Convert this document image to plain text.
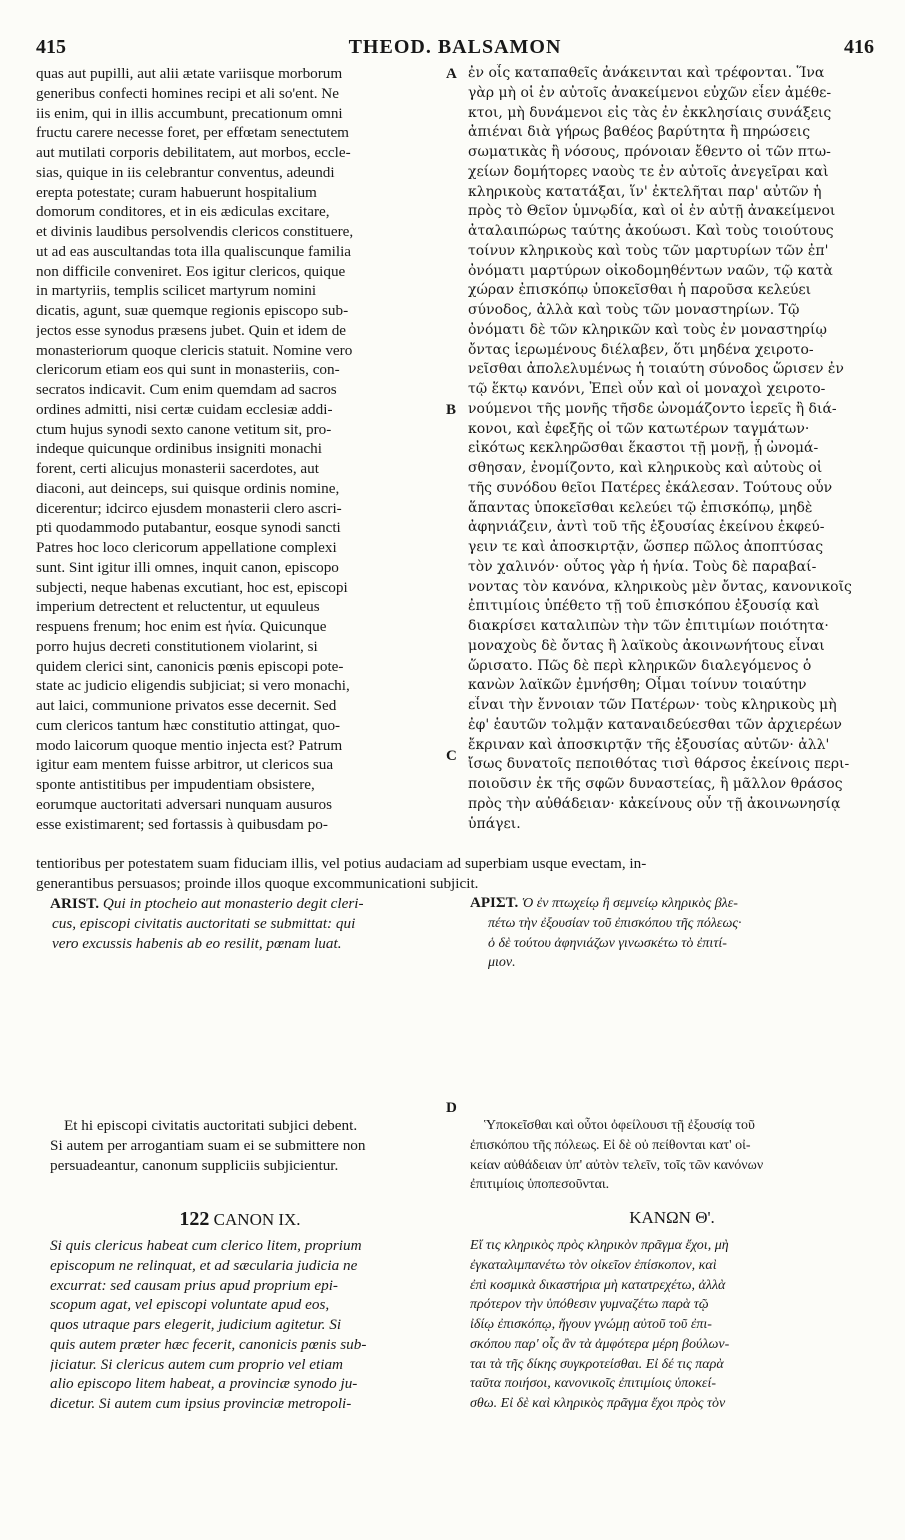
415	THEOD. BALSAMON	416
quas aut pupilli, aut alii ætate variisque morborum
generibus confecti homines recipi et ali so'ent. Ne
iis enim, qui in illis accumbunt, precationum omni
fructu carere necesse foret, per effœtam senectutem
aut mutilati corporis debilitatem, aut morbos, eccle-
sias, quique in iis celebrantur conventus, adeundi
erepta potestate; curam habuerunt hospitalium
domorum conditores, et in eis ædiculas excitare,
et divinis laudibus persolvendis clericos constituere,
ut ad eas auscultandas tota illa qualiscunque familia
non difficile conveniret. Eos igitur clericos, quique
in martyriis, templis scilicet martyrum nomini
dicatis, agunt, suæ quemque regionis episcopo sub-
jectos esse synodus præsens jubet. Quin et idem de
monasteriorum quoque clericis statuit. Nomine vero
clericorum etiam eos qui sunt in monasteriis, con-
secratos indicavit. Cum enim quemdam ad sacros
ordines admitti, nisi certæ cuidam ecclesiæ addi-
ctum hujus synodi sexto canone vetitum sit, pro-
indeque quicunque ordinibus insigniti monachi
forent, certi alicujus monasterii sacerdotes, aut
diaconi, aut deinceps, sui quisque ordinis nomine,
dicerentur; idcirco ejusdem monasterii clero ascri-
pti quodammodo putabantur, eosque synodi sancti
Patres hoc loco clericorum appellatione complexi
sunt. Sint igitur illi omnes, inquit canon, episcopo
subjecti, neque habenas excutiant, hoc est, episcopi
imperium detrectent et reluctentur, ut equuleus
respuens frenum; hoc enim est ἡνία. Quicunque
porro hujus decreti constitutionem violarint, si
quidem clerici sint, canonicis pœnis episcopi pote-
state ac judicio eligendis subjiciat; si vero monachi,
aut laici, communione privatos esse decernit. Sed
cum clericos tantum hæc constitutio attingat, quo-
modo laicorum quoque mentio injecta est? Patrum
igitur eam mentem fuisse arbitror, ut clericos sua
sponte antistitibus per impudentiam obsistere,
eorumque auctoritati adversari nunquam ausuros
esse existimarent; sed fortassis à quibusdam po-
ἐν οἷς καταπαθεῖς ἀνάκεινται καὶ τρέφονται. Ἵνα
γὰρ μὴ οἱ ἐν αὐτοῖς ἀνακείμενοι εὐχῶν εἶεν ἀμέθε-
κτοι, μὴ δυνάμενοι εἰς τὰς ἐν ἐκκλησίαις συνάξεις
ἀπιέναι διὰ γήρως βαθέος βαρύτητα ἢ πηρώσεις
σωματικὰς ἢ νόσους, πρόνοιαν ἔθεντο οἱ τῶν πτω-
χείων δομήτορες ναοὺς τε ἐν αὐτοῖς ἀνεγεῖραι καὶ
κληρικοὺς κατατάξαι, ἵν' ἐκτελῆται παρ' αὐτῶν ἡ
πρὸς τὸ Θεῖον ὑμνῳδία, καὶ οἱ ἐν αὐτῇ ἀνακείμενοι
ἀταλαιπώρως ταύτης ἀκούωσι. Καὶ τοὺς τοιούτους
τοίνυν κληρικοὺς καὶ τοὺς τῶν μαρτυρίων τῶν ἐπ'
ὀνόματι μαρτύρων οἰκοδομηθέντων ναῶν, τῷ κατὰ
χώραν ἐπισκόπῳ ὑποκεῖσθαι ἡ παροῦσα κελεύει
σύνοδος, ἀλλὰ καὶ τοὺς τῶν μοναστηρίων. Τῷ
ὀνόματι δὲ τῶν κληρικῶν καὶ τοὺς ἐν μοναστηρίῳ
ὄντας ἱερωμένους διέλαβεν, ὅτι μηδένα χειροτο-
νεῖσθαι ἀπολελυμένως ἡ τοιαύτη σύνοδος ὥρισεν ἐν
τῷ ἕκτῳ κανόνι, Ἐπεὶ οὖν καὶ οἱ μοναχοὶ χειροτο-
νούμενοι τῆς μονῆς τῆσδε ὠνομάζοντο ἱερεῖς ἢ διά-
κονοι, καὶ ἐφεξῆς οἱ τῶν κατωτέρων ταγμάτων·
εἰκότως κεκληρῶσθαι ἕκαστοι τῇ μονῇ, ᾗ ὠνομά-
σθησαν, ἐνομίζοντο, καὶ κληρικοὺς καὶ αὐτοὺς οἱ
τῆς συνόδου θεῖοι Πατέρες ἐκάλεσαν. Τούτους οὖν
ἅπαντας ὑποκεῖσθαι κελεύει τῷ ἐπισκόπῳ, μηδὲ
ἀφηνιάζειν, ἀντὶ τοῦ τῆς ἐξουσίας ἐκείνου ἐκφεύ-
γειν τε καὶ ἀποσκιρτᾷν, ὥσπερ πῶλος ἀποπτύσας
τὸν χαλινόν· οὗτος γὰρ ἡ ἡνία. Τοὺς δὲ παραβαί-
νοντας τὸν κανόνα, κληρικοὺς μὲν ὄντας, κανονικοῖς
ἐπιτιμίοις ὑπέθετο τῇ τοῦ ἐπισκόπου ἐξουσίᾳ καὶ
διακρίσει καταλιπὼν τὴν τῶν ἐπιτιμίων ποιότητα·
μοναχοὺς δὲ ὄντας ἢ λαϊκοὺς ἀκοινωνήτους εἶναι
ὥρισατο. Πῶς δὲ περὶ κληρικῶν διαλεγόμενος ὁ
κανὼν λαϊκῶν ἐμνήσθη; Οἶμαι τοίνυν τοιαύτην
εἶναι τὴν ἔννοιαν τῶν Πατέρων· τοὺς κληρικοὺς μὴ
ἐφ' ἑαυτῶν τολμᾷν καταναιδεύεσθαι τῶν ἀρχιερέων
ἔκριναν καὶ ἀποσκιρτᾷν τῆς ἐξουσίας αὐτῶν· ἀλλ'
ἴσως δυνατοῖς πεποιθότας τισὶ θάρσος ἐκείνοις περι-
ποιοῦσιν ἐκ τῆς σφῶν δυναστείας, ἢ μᾶλλον θράσος
πρὸς τὴν αὐθάδειαν· κἀκείνους οὖν τῇ ἀκοινωνησίᾳ
ὑπάγει.
A
B
C
D
tentioribus per potestatem suam fiduciam illis, vel potius audaciam ad superbiam usque evectam, in-
generantibus persuasos; proinde illos quoque excommunicationi subjicit.
ARIST. Qui in ptocheio aut monasterio degit cleri-
cus, episcopi civitatis auctoritati se submittat: qui
vero excussis habenis ab eo resilit, pœnam luat.
ΑΡΙΣΤ. Ὁ ἐν πτωχείῳ ἢ σεμνείῳ κληρικὸς βλε-
πέτω τὴν ἐξουσίαν τοῦ ἐπισκόπου τῆς πόλεως·
ὁ δὲ τούτου ἀφηνιάζων γινωσκέτω τὸ ἐπιτί-
μιον.
Et hi episcopi civitatis auctoritati subjici debent.
Si autem per arrogantiam suam ei se submittere non
persuadeantur, canonum suppliciis subjicientur.
Ὑποκεῖσθαι καὶ οὗτοι ὀφείλουσι τῇ ἐξουσίᾳ τοῦ
ἐπισκόπου τῆς πόλεως. Εἰ δὲ οὐ πείθονται κατ' οἰ-
κείαν αὐθάδειαν ὑπ' αὐτὸν τελεῖν, τοῖς τῶν κανόνων
ἐπιτιμίοις ὑποπεσοῦνται.
122 CANON IX.	ΚΑΝΩΝ Θ'.
Si quis clericus habeat cum clerico litem, proprium
episcopum ne relinquat, et ad sæcularia judicia ne
excurrat: sed causam prius apud proprium epi-
scopum agat, vel episcopi voluntate apud eos,
quos utraque pars elegerit, judicium agitetur. Si
quis autem præter hæc fecerit, canonicis pœnis sub-
jiciatur. Si clericus autem cum proprio vel etiam
alio episcopo litem habeat, a provinciæ synodo ju-
dicetur. Si autem cum ipsius provinciæ metropoli-
Εἴ τις κληρικὸς πρὸς κληρικὸν πρᾶγμα ἔχοι, μὴ
ἐγκαταλιμπανέτω τὸν οἰκεῖον ἐπίσκοπον, καὶ
ἐπὶ κοσμικὰ δικαστήρια μὴ κατατρεχέτω, ἀλλὰ
πρότερον τὴν ὑπόθεσιν γυμναζέτω παρὰ τῷ
ἰδίῳ ἐπισκόπῳ, ἤγουν γνώμῃ αὐτοῦ τοῦ ἐπι-
σκόπου παρ' οἷς ἂν τὰ ἀμφότερα μέρη βούλων-
ται τὰ τῆς δίκης συγκροτείσθαι. Εἰ δέ τις παρὰ
ταῦτα ποιήσοι, κανονικοῖς ἐπιτιμίοις ὑποκεί-
σθω. Εἰ δὲ καὶ κληρικὸς πρᾶγμα ἔχοι πρὸς τὸν
